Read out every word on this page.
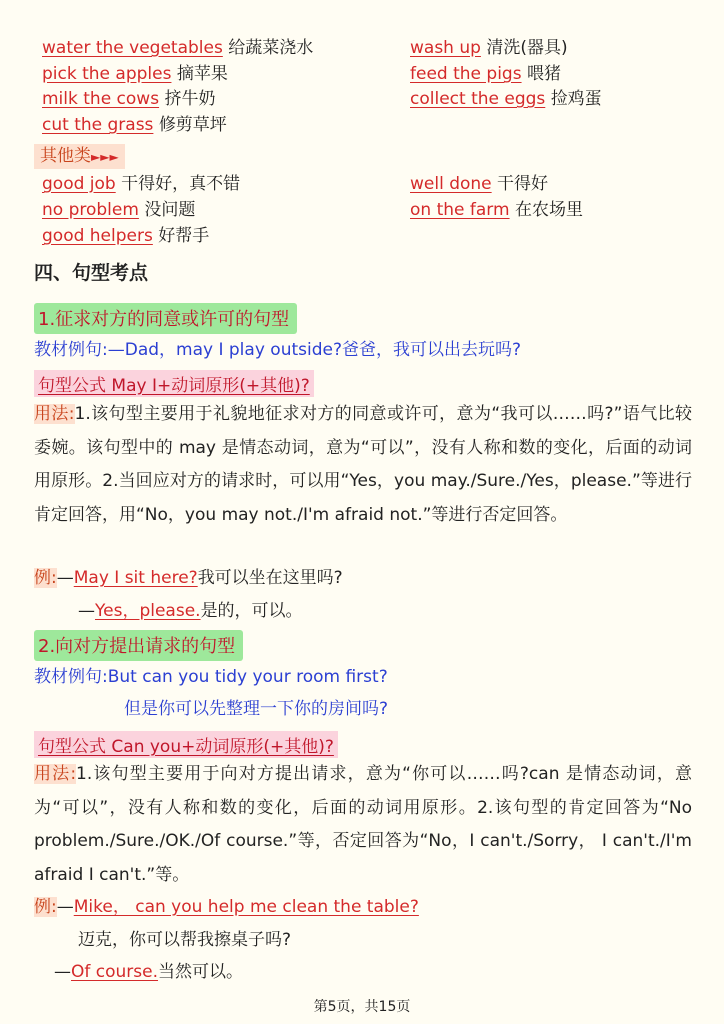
water the vegetables 给蔬菜浇水	wash up 清洗(器具)
pick the apples 摘苹果	feed the pigs 喂猪
milk the cows 挤牛奶	collect the eggs 捡鸡蛋
cut the grass 修剪草坪
其他类►►►
good job 干得好，真不错	well done 干得好
no problem 没问题	on the farm 在农场里
good helpers 好帮手
四、句型考点
1.征求对方的同意或许可的句型
教材例句:—Dad，may I play outside?爸爸，我可以出去玩吗?
句型公式 May I+动词原形(+其他)?
用法:1.该句型主要用于礼貌地征求对方的同意或许可，意为“我可以……吗?”语气比较委婉。该句型中的 may 是情态动词，意为“可以”，没有人称和数的变化，后面的动词用原形。2.当回应对方的请求时，可以用“Yes，you may./Sure./Yes，please.”等进行肯定回答，用“No，you may not./I'm afraid not.”等进行否定回答。
例:—May I sit here?我可以坐在这里吗?
—Yes，please.是的，可以。
2.向对方提出请求的句型
教材例句:But can you tidy your room first?
但是你可以先整理一下你的房间吗?
句型公式 Can you+动词原形(+其他)?
用法:1.该句型主要用于向对方提出请求，意为“你可以……吗?can 是情态动词，意为“可以”，没有人称和数的变化，后面的动词用原形。2.该句型的肯定回答为“No problem./Sure./OK./Of course.”等，否定回答为“No，I can't./Sorry， I can't./I'm afraid I can't.”等。
例:—Mike， can you help me clean the table?
迈克，你可以帮我擦桌子吗?
—Of course.当然可以。
第5页，共15页
